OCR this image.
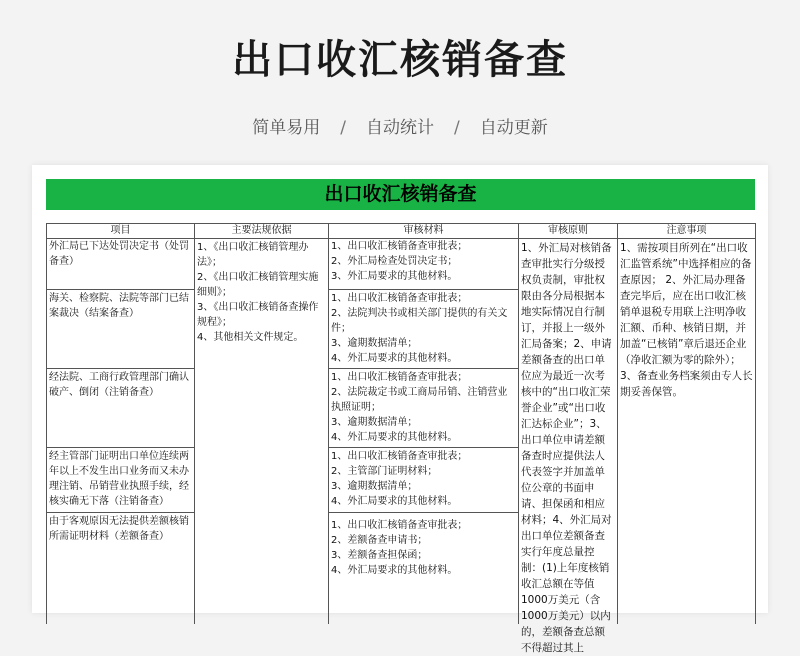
出口收汇核销备查
简单易用 / 自动统计 / 自动更新
出口收汇核销备查
项目
外汇局已下达处罚决定书（处罚备查）
海关、检察院、法院等部门已结案裁决（结案备查）
经法院、工商行政管理部门确认破产、倒闭（注销备查）
经主管部门证明出口单位连续两年以上不发生出口业务而又未办理注销、吊销营业执照手续，经核实确无下落（注销备查）
由于客观原因无法提供差额核销所需证明材料（差额备查）
主要法规依据

1、《出口收汇核销管理办法》；

2、《出口收汇核销管理实施细则》；

3、《出口收汇核销备查操作规程》；

4、其他相关文件规定。

审核材料

1、出口收汇核销备查审批表；

2、外汇局检查处罚决定书；

3、外汇局要求的其他材料。

1、出口收汇核销备查审批表；

2、法院判决书或相关部门提供的有关文件；

3、逾期数据清单；

4、外汇局要求的其他材料。

1、出口收汇核销备查审批表；

2、法院裁定书或工商局吊销、注销营业执照证明；

3、逾期数据清单；

4、外汇局要求的其他材料。

1、出口收汇核销备查审批表；

2、主管部门证明材料；

3、逾期数据清单；

4、外汇局要求的其他材料。

1、出口收汇核销备查审批表；

2、差额备查申请书；

3、差额备查担保函；

4、外汇局要求的其他材料。

审核原则
1、外汇局对核销备查审批实行分级授权负责制，审批权限由各分局根据本地实际情况自行制订，并报上一级外汇局备案；2、申请差额备查的出口单位应为最近一次考核中的“出口收汇荣誉企业”或“出口收汇达标企业”；3、出口单位申请差额备查时应提供法人代表签字并加盖单位公章的书面申请、担保函和相应材料；4、外汇局对出口单位差额备查实行年度总量控制：(1)上年度核销收汇总额在等值1000万美元（含1000万美元）以内的，差额备查总额不得超过其上
注意事项
1、需按项目所列在“出口收汇监管系统”中选择相应的备查原因； 2、外汇局办理备查完毕后，应在出口收汇核销单退税专用联上注明净收汇额、币种、核销日期，并加盖“已核销”章后退还企业（净收汇额为零的除外）；3、备查业务档案须由专人长期妥善保管。
